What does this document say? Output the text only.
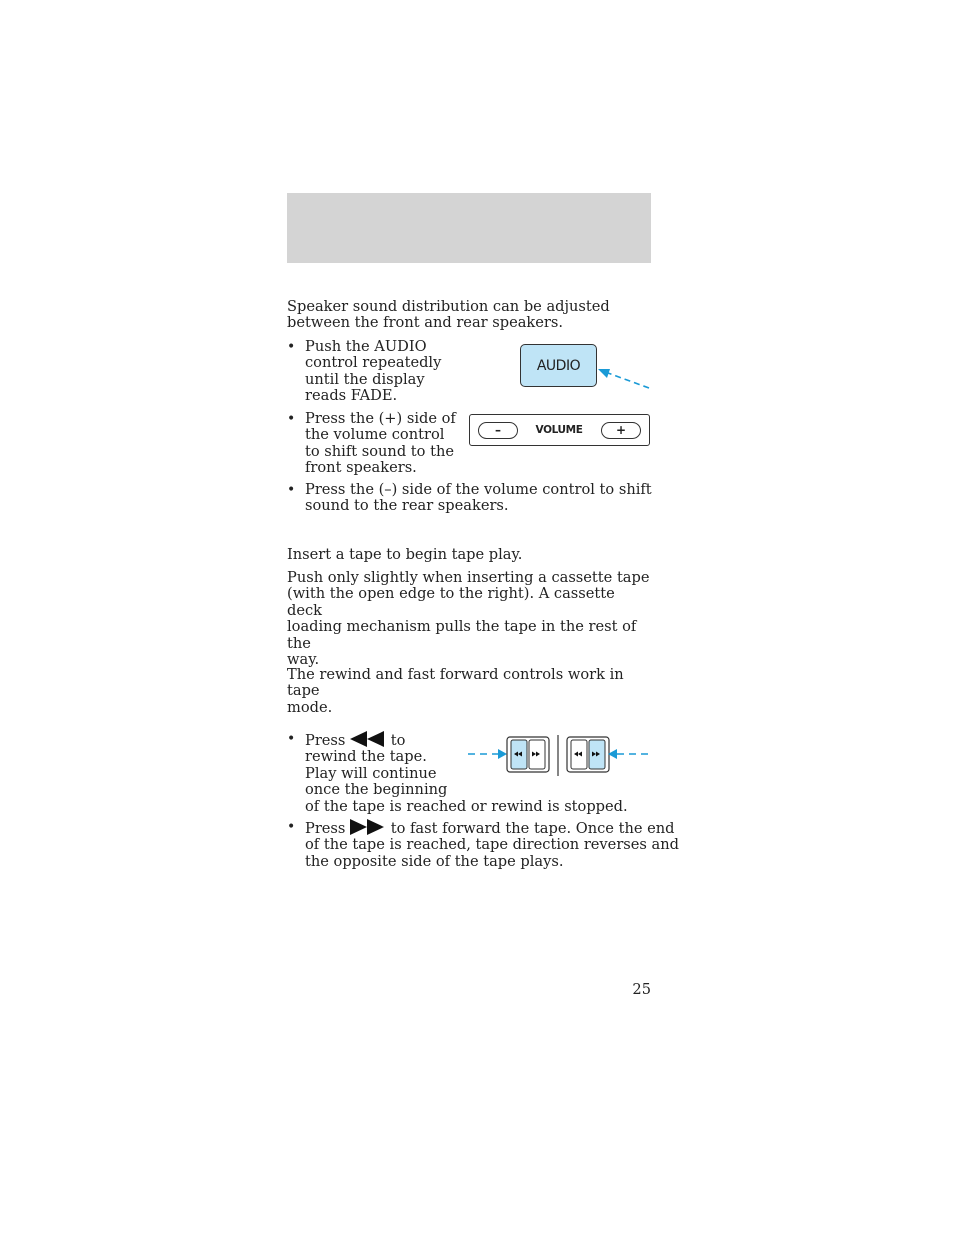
Speaker sound distribution can be adjusted between the front and rear speakers.
• Push the AUDIO
control repeatedly
until the display
reads FADE.
AUDIO
• Press the (+) side of
the volume control
to shift sound to the
front speakers.
–	VOLUME	+
• Press the (–) side of the volume control to shift
sound to the rear speakers.
Insert a tape to begin tape play.
Push only slightly when inserting a cassette tape
(with the open edge to the right). A cassette deck
loading mechanism pulls the tape in the rest of the
way.
The rewind and fast forward controls work in tape
mode.
• Press	to
rewind the tape.
Play will continue
once the beginning
of the tape is reached or rewind is stopped.
• Press	to fast forward the tape. Once the end
of the tape is reached, tape direction reverses and
the opposite side of the tape plays.
25
